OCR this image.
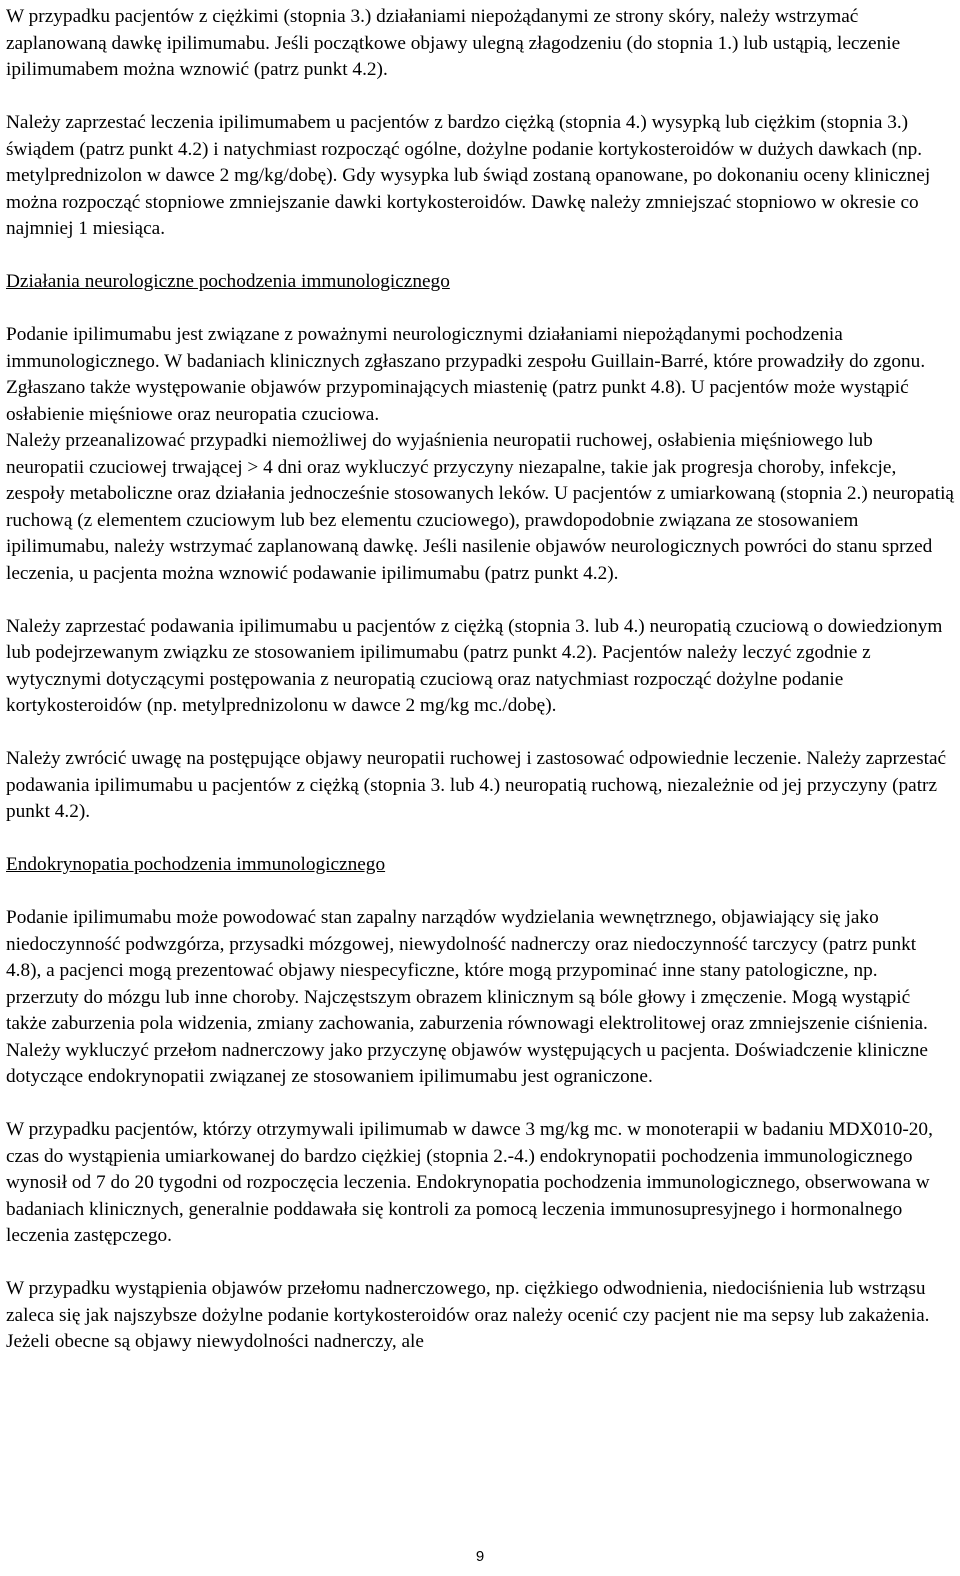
W przypadku pacjentów z ciężkimi (stopnia 3.) działaniami niepożądanymi ze strony skóry, należy wstrzymać zaplanowaną dawkę ipilimumabu. Jeśli początkowe objawy ulegną złagodzeniu (do stopnia 1.) lub ustąpią, leczenie ipilimumabem można wznowić (patrz punkt 4.2).

Należy zaprzestać leczenia ipilimumabem u pacjentów z bardzo ciężką (stopnia 4.) wysypką lub ciężkim (stopnia 3.) świądem (patrz punkt 4.2) i natychmiast rozpocząć ogólne, dożylne podanie kortykosteroidów w dużych dawkach (np. metylprednizolon w dawce 2 mg/kg/dobę). Gdy wysypka lub świąd zostaną opanowane, po dokonaniu oceny klinicznej można rozpocząć stopniowe zmniejszanie dawki kortykosteroidów. Dawkę należy zmniejszać stopniowo w okresie co najmniej 1 miesiąca.

Działania neurologiczne pochodzenia immunologicznego

Podanie ipilimumabu jest związane z poważnymi neurologicznymi działaniami niepożądanymi pochodzenia immunologicznego. W badaniach klinicznych zgłaszano przypadki zespołu Guillain-Barré, które prowadziły do zgonu. Zgłaszano także występowanie objawów przypominających miastenię (patrz punkt 4.8). U pacjentów może wystąpić osłabienie mięśniowe oraz neuropatia czuciowa.

Należy przeanalizować przypadki niemożliwej do wyjaśnienia neuropatii ruchowej, osłabienia mięśniowego lub neuropatii czuciowej trwającej > 4 dni oraz wykluczyć przyczyny niezapalne, takie jak progresja choroby, infekcje, zespoły metaboliczne oraz działania jednocześnie stosowanych leków. U pacjentów z umiarkowaną (stopnia 2.) neuropatią ruchową (z elementem czuciowym lub bez elementu czuciowego), prawdopodobnie związana ze stosowaniem ipilimumabu, należy wstrzymać zaplanowaną dawkę. Jeśli nasilenie objawów neurologicznych powróci do stanu sprzed leczenia, u pacjenta można wznowić podawanie ipilimumabu (patrz punkt 4.2).

Należy zaprzestać podawania ipilimumabu u pacjentów z ciężką (stopnia 3. lub 4.) neuropatią czuciową o dowiedzionym lub podejrzewanym związku ze stosowaniem ipilimumabu (patrz punkt 4.2). Pacjentów należy leczyć zgodnie z wytycznymi dotyczącymi postępowania z neuropatią czuciową oraz natychmiast rozpocząć dożylne podanie kortykosteroidów (np. metylprednizolonu w dawce 2 mg/kg mc./dobę).

Należy zwrócić uwagę na postępujące objawy neuropatii ruchowej i zastosować odpowiednie leczenie. Należy zaprzestać podawania ipilimumabu u pacjentów z ciężką (stopnia 3. lub 4.) neuropatią ruchową, niezależnie od jej przyczyny (patrz punkt 4.2).

Endokrynopatia pochodzenia immunologicznego

Podanie ipilimumabu może powodować stan zapalny narządów wydzielania wewnętrznego, objawiający się jako niedoczynność podwzgórza, przysadki mózgowej, niewydolność nadnerczy oraz niedoczynność tarczycy (patrz punkt 4.8), a pacjenci mogą prezentować objawy niespecyficzne, które mogą przypominać inne stany patologiczne, np. przerzuty do mózgu lub inne choroby. Najczęstszym obrazem klinicznym są bóle głowy i zmęczenie. Mogą wystąpić także zaburzenia pola widzenia, zmiany zachowania, zaburzenia równowagi elektrolitowej oraz zmniejszenie ciśnienia. Należy wykluczyć przełom nadnerczowy jako przyczynę objawów występujących u pacjenta. Doświadczenie kliniczne dotyczące endokrynopatii związanej ze stosowaniem ipilimumabu jest ograniczone.

W przypadku pacjentów, którzy otrzymywali ipilimumab w dawce 3 mg/kg mc. w monoterapii w badaniu MDX010-20, czas do wystąpienia umiarkowanej do bardzo ciężkiej (stopnia 2.-4.) endokrynopatii pochodzenia immunologicznego wynosił od 7 do 20 tygodni od rozpoczęcia leczenia. Endokrynopatia pochodzenia immunologicznego, obserwowana w badaniach klinicznych, generalnie poddawała się kontroli za pomocą leczenia immunosupresyjnego i hormonalnego leczenia zastępczego.

W przypadku wystąpienia objawów przełomu nadnerczowego, np. ciężkiego odwodnienia, niedociśnienia lub wstrząsu zaleca się jak najszybsze dożylne podanie kortykosteroidów oraz należy ocenić czy pacjent nie ma sepsy lub zakażenia. Jeżeli obecne są objawy niewydolności nadnerczy, ale

9
